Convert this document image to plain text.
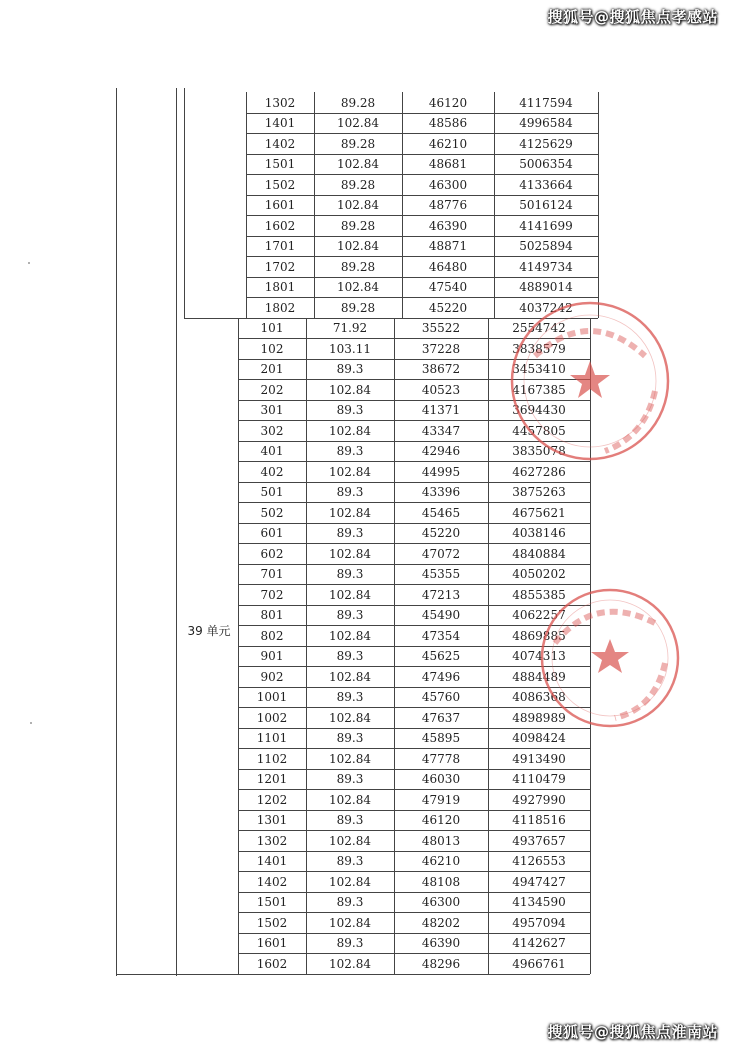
搜狐号@搜狐焦点孝感站
1302	89.28	46120	4117594
1401	102.84	48586	4996584
1402	89.28	46210	4125629
1501	102.84	48681	5006354
1502	89.28	46300	4133664
1601	102.84	48776	5016124
1602	89.28	46390	4141699
1701	102.84	48871	5025894
1702	89.28	46480	4149734
1801	102.84	47540	4889014
1802	89.28	45220	4037242
101	71.92	35522	2554742
102	103.11	37228	3838579
201	89.3	38672	3453410
202	102.84	40523	4167385
301	89.3	41371	3694430
302	102.84	43347	4457805
401	89.3	42946	3835078
402	102.84	44995	4627286
501	89.3	43396	3875263
502	102.84	45465	4675621
601	89.3	45220	4038146
602	102.84	47072	4840884
701	89.3	45355	4050202
702	102.84	47213	4855385
801	89.3	45490	4062257
802	102.84	47354	4869885
901	89.3	45625	4074313
902	102.84	47496	4884489
1001	89.3	45760	4086368
1002	102.84	47637	4898989
1101	89.3	45895	4098424
1102	102.84	47778	4913490
1201	89.3	46030	4110479
1202	102.84	47919	4927990
1301	89.3	46120	4118516
1302	102.84	48013	4937657
1401	89.3	46210	4126553
1402	102.84	48108	4947427
1501	89.3	46300	4134590
1502	102.84	48202	4957094
1601	89.3	46390	4142627
1602	102.84	48296	4966761
39 单元
搜狐号@搜狐焦点淮南站
